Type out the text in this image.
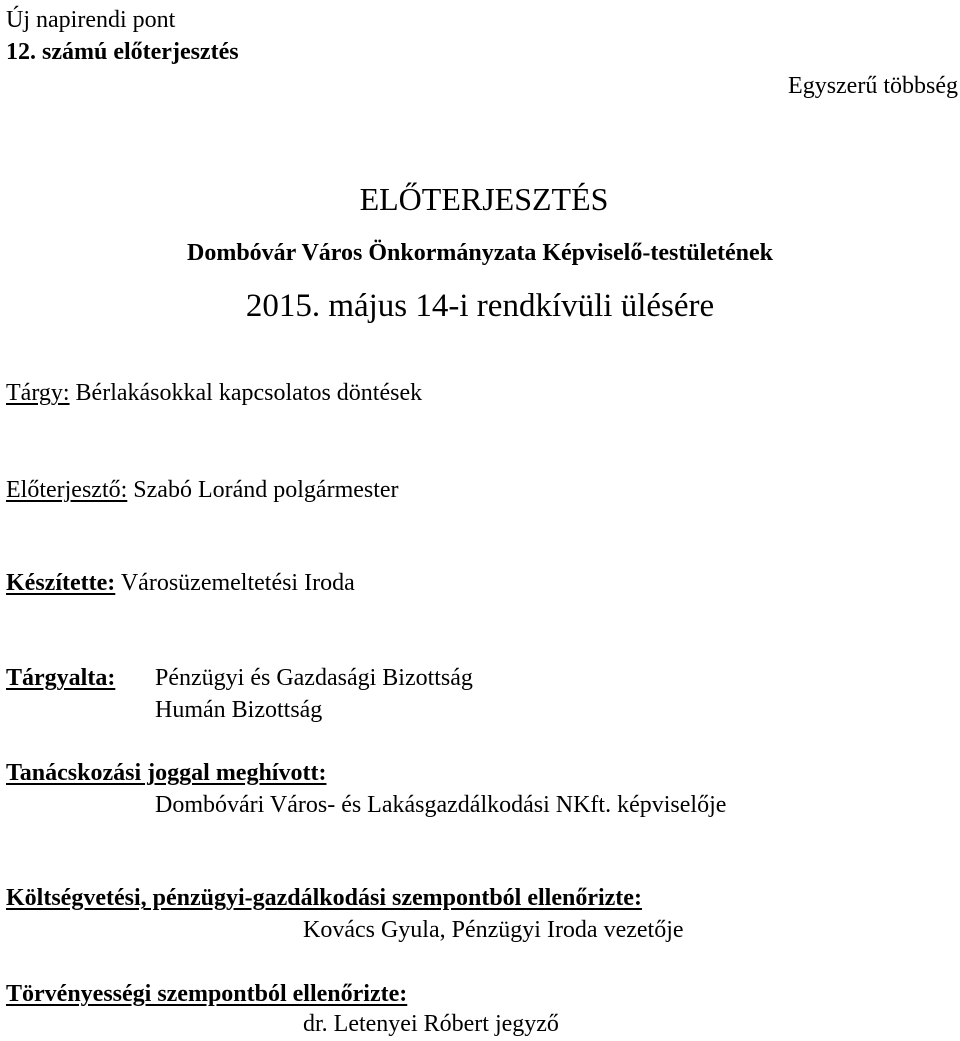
Új napirendi pont
12. számú előterjesztés
Egyszerű többség
ELŐTERJESZTÉS
Dombóvár Város Önkormányzata Képviselő-testületének
2015. május 14-i rendkívüli ülésére
Tárgy: Bérlakásokkal kapcsolatos döntések
Előterjesztő: Szabó Loránd polgármester
Készítette: Városüzemeltetési Iroda
Tárgyalta: Pénzügyi és Gazdasági Bizottság
Humán Bizottság
Tanácskozási joggal meghívott:
Dombóvári Város- és Lakásgazdálkodási NKft. képviselője
Költségvetési, pénzügyi-gazdálkodási szempontból ellenőrizte:
Kovács Gyula, Pénzügyi Iroda vezetője
Törvényességi szempontból ellenőrizte:
dr. Letenyei Róbert jegyző
